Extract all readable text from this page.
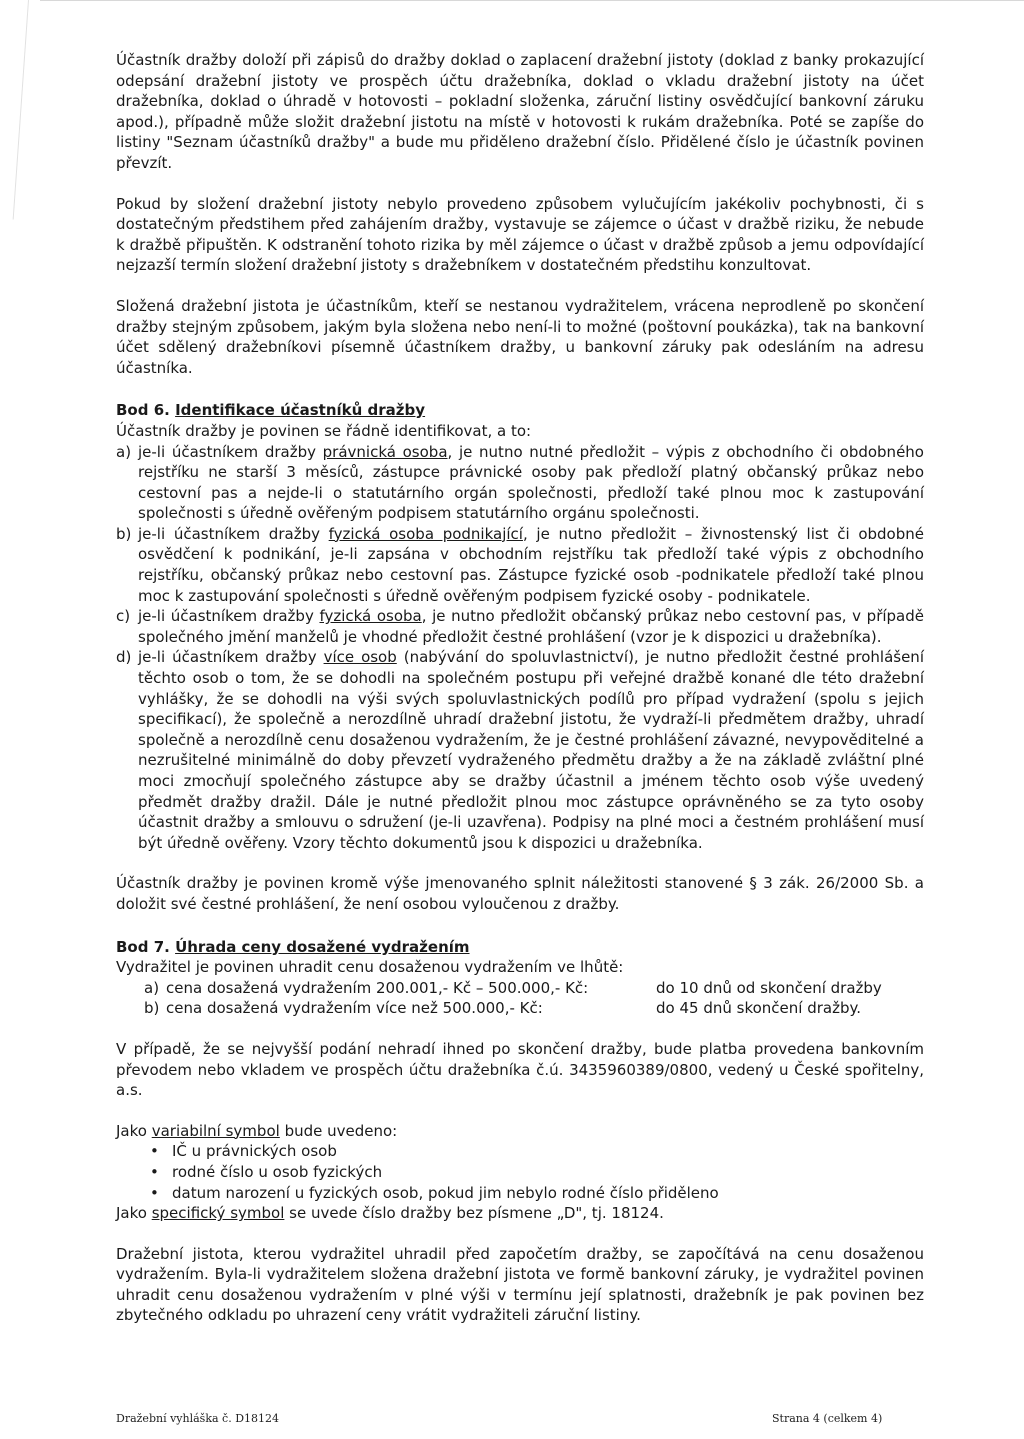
Účastník dražby doloží při zápisů do dražby doklad o zaplacení dražební jistoty (doklad z banky prokazující odepsání dražební jistoty ve prospěch účtu dražebníka, doklad o vkladu dražební jistoty na účet dražebníka, doklad o úhradě v hotovosti – pokladní složenka, záruční listiny osvědčující bankovní záruku apod.), případně může složit dražební jistotu na místě v hotovosti k rukám dražebníka. Poté se zapíše do listiny "Seznam účastníků dražby" a bude mu přiděleno dražební číslo. Přidělené číslo je účastník povinen převzít.

Pokud by složení dražební jistoty nebylo provedeno způsobem vylučujícím jakékoliv pochybnosti, či s dostatečným předstihem před zahájením dražby, vystavuje se zájemce o účast v dražbě riziku, že nebude k dražbě připuštěn. K odstranění tohoto rizika by měl zájemce o účast v dražbě způsob a jemu odpovídající nejzazší termín složení dražební jistoty s dražebníkem v dostatečném předstihu konzultovat.

Složená dražební jistota je účastníkům, kteří se nestanou vydražitelem, vrácena neprodleně po skončení dražby stejným způsobem, jakým byla složena nebo není-li to možné (poštovní poukázka), tak na bankovní účet sdělený dražebníkovi písemně účastníkem dražby, u bankovní záruky pak odesláním na adresu účastníka.

Bod 6. Identifikace účastníků dražby

Účastník dražby je povinen se řádně identifikovat, a to:

a) je-li účastníkem dražby právnická osoba, je nutno nutné předložit – výpis z obchodního či obdobného rejstříku ne starší 3 měsíců, zástupce právnické osoby pak předloží platný občanský průkaz nebo cestovní pas a nejde-li o statutárního orgán společnosti, předloží také plnou moc k zastupování společnosti s úředně ověřeným podpisem statutárního orgánu společnosti.
b) je-li účastníkem dražby fyzická osoba podnikající, je nutno předložit – živnostenský list či obdobné osvědčení k podnikání, je-li zapsána v obchodním rejstříku tak předloží také výpis z obchodního rejstříku, občanský průkaz nebo cestovní pas. Zástupce fyzické osob -podnikatele předloží také plnou moc k zastupování společnosti s úředně ověřeným podpisem fyzické osoby - podnikatele.
c) je-li účastníkem dražby fyzická osoba, je nutno předložit občanský průkaz nebo cestovní pas, v případě společného jmění manželů je vhodné předložit čestné prohlášení (vzor je k dispozici u dražebníka).
d) je-li účastníkem dražby více osob (nabývání do spoluvlastnictví), je nutno předložit čestné prohlášení těchto osob o tom, že se dohodli na společném postupu při veřejné dražbě konané dle této dražební vyhlášky, že se dohodli na výši svých spoluvlastnických podílů pro případ vydražení (spolu s jejich specifikací), že společně a nerozdílně uhradí dražební jistotu, že vydraží-li předmětem dražby, uhradí společně a nerozdílně cenu dosaženou vydražením, že je čestné prohlášení závazné, nevypověditelné a nezrušitelné minimálně do doby převzetí vydraženého předmětu dražby a že na základě zvláštní plné moci zmocňují společného zástupce aby se dražby účastnil a jménem těchto osob výše uvedený předmět dražby dražil. Dále je nutné předložit plnou moc zástupce oprávněného se za tyto osoby účastnit dražby a smlouvu o sdružení (je-li uzavřena). Podpisy na plné moci a čestném prohlášení musí být úředně ověřeny. Vzory těchto dokumentů jsou k dispozici u dražebníka.

Účastník dražby je povinen kromě výše jmenovaného splnit náležitosti stanovené § 3 zák. 26/2000 Sb. a doložit své čestné prohlášení, že není osobou vyloučenou z dražby.

Bod 7. Úhrada ceny dosažené vydražením

Vydražitel je povinen uhradit cenu dosaženou vydražením ve lhůtě:

a) cena dosažená vydražením 200.001,- Kč – 500.000,- Kč:	do 10 dnů od skončení dražby
b) cena dosažená vydražením více než 500.000,- Kč:	do 45 dnů skončení dražby.

V případě, že se nejvyšší podání nehradí ihned po skončení dražby, bude platba provedena bankovním převodem nebo vkladem ve prospěch účtu dražebníka č.ú. 3435960389/0800, vedený u České spořitelny, a.s.

Jako variabilní symbol bude uvedeno:

• IČ u právnických osob
• rodné číslo u osob fyzických
• datum narození u fyzických osob, pokud jim nebylo rodné číslo přiděleno

Jako specifický symbol se uvede číslo dražby bez písmene „D", tj. 18124.

Dražební jistota, kterou vydražitel uhradil před započetím dražby, se započítává na cenu dosaženou vydražením. Byla-li vydražitelem složena dražební jistota ve formě bankovní záruky, je vydražitel povinen uhradit cenu dosaženou vydražením v plné výši v termínu její splatnosti, dražebník je pak povinen bez zbytečného odkladu po uhrazení ceny vrátit vydražiteli záruční listiny.

Dražební vyhláška č. D18124	Strana 4 (celkem 4)
